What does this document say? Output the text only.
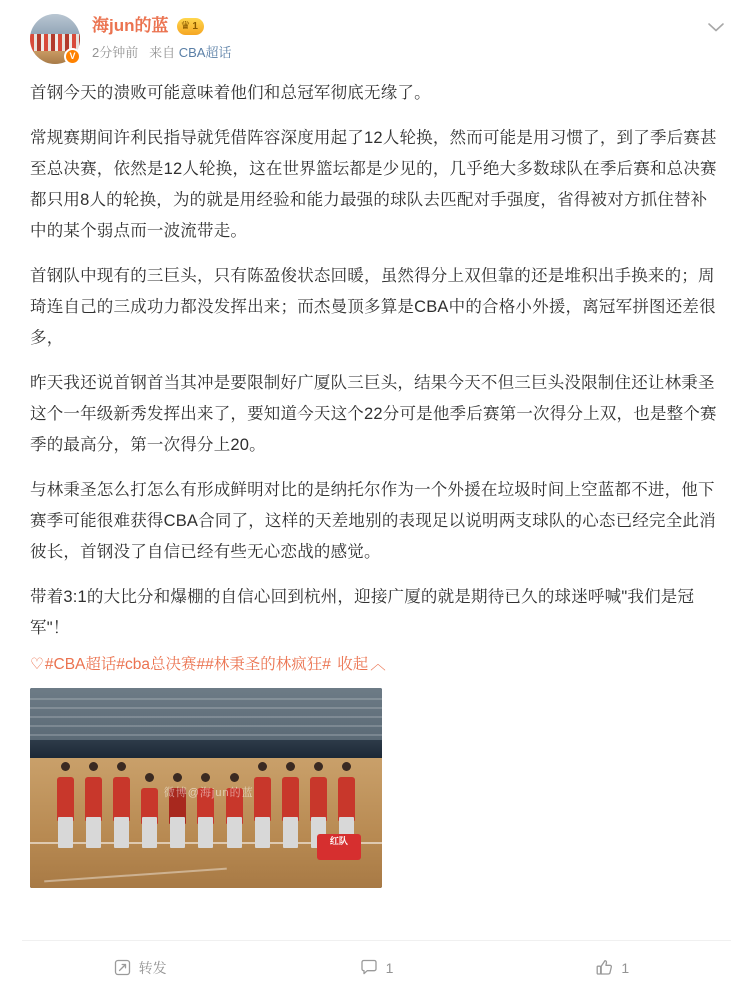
V
海jun的蓝 ♛ 1
2分钟前 来自 CBA超话

首钢今天的溃败可能意味着他们和总冠军彻底无缘了。

常规赛期间许利民指导就凭借阵容深度用起了12人轮换，然而可能是用习惯了，到了季后赛甚至总决赛，依然是12人轮换，这在世界篮坛都是少见的，几乎绝大多数球队在季后赛和总决赛都只用8人的轮换，为的就是用经验和能力最强的球队去匹配对手强度，省得被对方抓住替补中的某个弱点而一波流带走。

首钢队中现有的三巨头，只有陈盈俊状态回暖，虽然得分上双但靠的还是堆积出手换来的；周琦连自己的三成功力都没发挥出来；而杰曼顶多算是CBA中的合格小外援，离冠军拼图还差很多，

昨天我还说首钢首当其冲是要限制好广厦队三巨头，结果今天不但三巨头没限制住还让林秉圣这个一年级新秀发挥出来了，要知道今天这个22分可是他季后赛第一次得分上双，也是整个赛季的最高分，第一次得分上20。

与林秉圣怎么打怎么有形成鲜明对比的是纳托尔作为一个外援在垃圾时间上空蓝都不进，他下赛季可能很难获得CBA合同了，这样的天差地别的表现足以说明两支球队的心态已经完全此消彼长，首钢没了自信已经有些无心恋战的感觉。

带着3:1的大比分和爆棚的自信心回到杭州，迎接广厦的就是期待已久的球迷呼喊"我们是冠军"！

♡#CBA超话#cba总决赛##林秉圣的林疯狂# 收起 ︿
微博@海jun的蓝
红队
转发	1	1
